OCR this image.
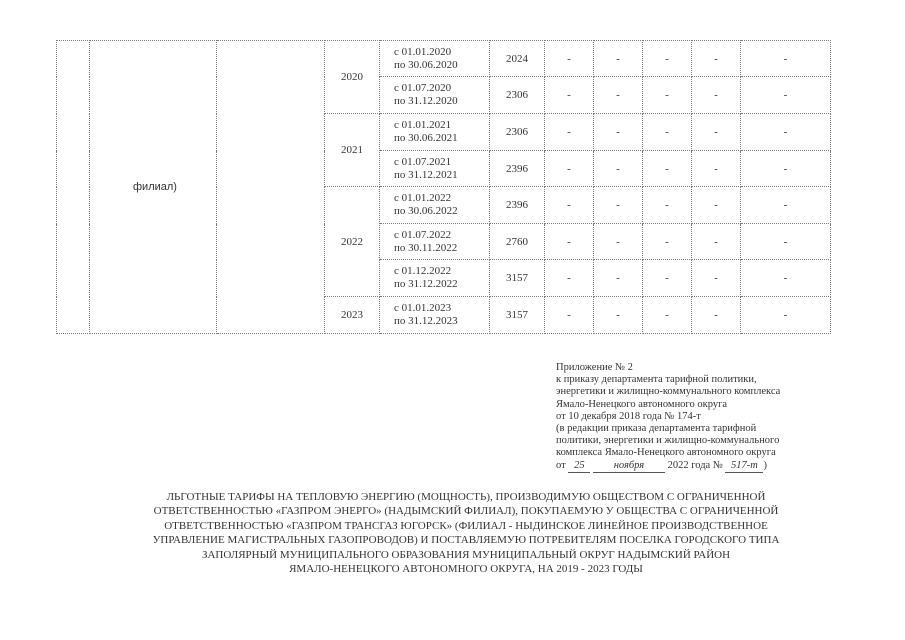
	филиал)		2020	с 01.01.2020
по 30.06.2020	2024	-	-	-	-	-

				с 01.07.2020
по 31.12.2020	2306	-	-	-	-	-
			2021	с 01.01.2021
по 30.06.2021	2306	-	-	-	-	-

				с 01.07.2021
по 31.12.2021	2396	-	-	-	-	-
			2022	с 01.01.2022
по 30.06.2022	2396	-	-	-	-	-

				с 01.07.2022
по 30.11.2022	2760	-	-	-	-	-

				с 01.12.2022
по 31.12.2022	3157	-	-	-	-	-
			2023	с 01.01.2023
по 31.12.2023	3157	-	-	-	-	-
Приложение № 2
к приказу департамента тарифной политики,
энергетики и жилищно-коммунального комплекса
Ямало-Ненецкого автономного округа
от 10 декабря 2018 года № 174-т
(в редакции приказа департамента тарифной
политики, энергетики и жилищно-коммунального
комплекса Ямало-Ненецкого автономного округа
от 25	ноября 2022 года № 517-т )
ЛЬГОТНЫЕ ТАРИФЫ НА ТЕПЛОВУЮ ЭНЕРГИЮ (МОЩНОСТЬ), ПРОИЗВОДИМУЮ ОБЩЕСТВОМ С ОГРАНИЧЕННОЙ
ОТВЕТСТВЕННОСТЬЮ «ГАЗПРОМ ЭНЕРГО» (НАДЫМСКИЙ ФИЛИАЛ), ПОКУПАЕМУЮ У ОБЩЕСТВА С ОГРАНИЧЕННОЙ
ОТВЕТСТВЕННОСТЬЮ «ГАЗПРОМ ТРАНСГАЗ ЮГОРСК» (ФИЛИАЛ - НЫДИНСКОЕ ЛИНЕЙНОЕ ПРОИЗВОДСТВЕННОЕ
УПРАВЛЕНИЕ МАГИСТРАЛЬНЫХ ГАЗОПРОВОДОВ) И ПОСТАВЛЯЕМУЮ ПОТРЕБИТЕЛЯМ ПОСЕЛКА ГОРОДСКОГО ТИПА
ЗАПОЛЯРНЫЙ МУНИЦИПАЛЬНОГО ОБРАЗОВАНИЯ МУНИЦИПАЛЬНЫЙ ОКРУГ НАДЫМСКИЙ РАЙОН
ЯМАЛО-НЕНЕЦКОГО АВТОНОМНОГО ОКРУГА, НА 2019 - 2023 ГОДЫ
